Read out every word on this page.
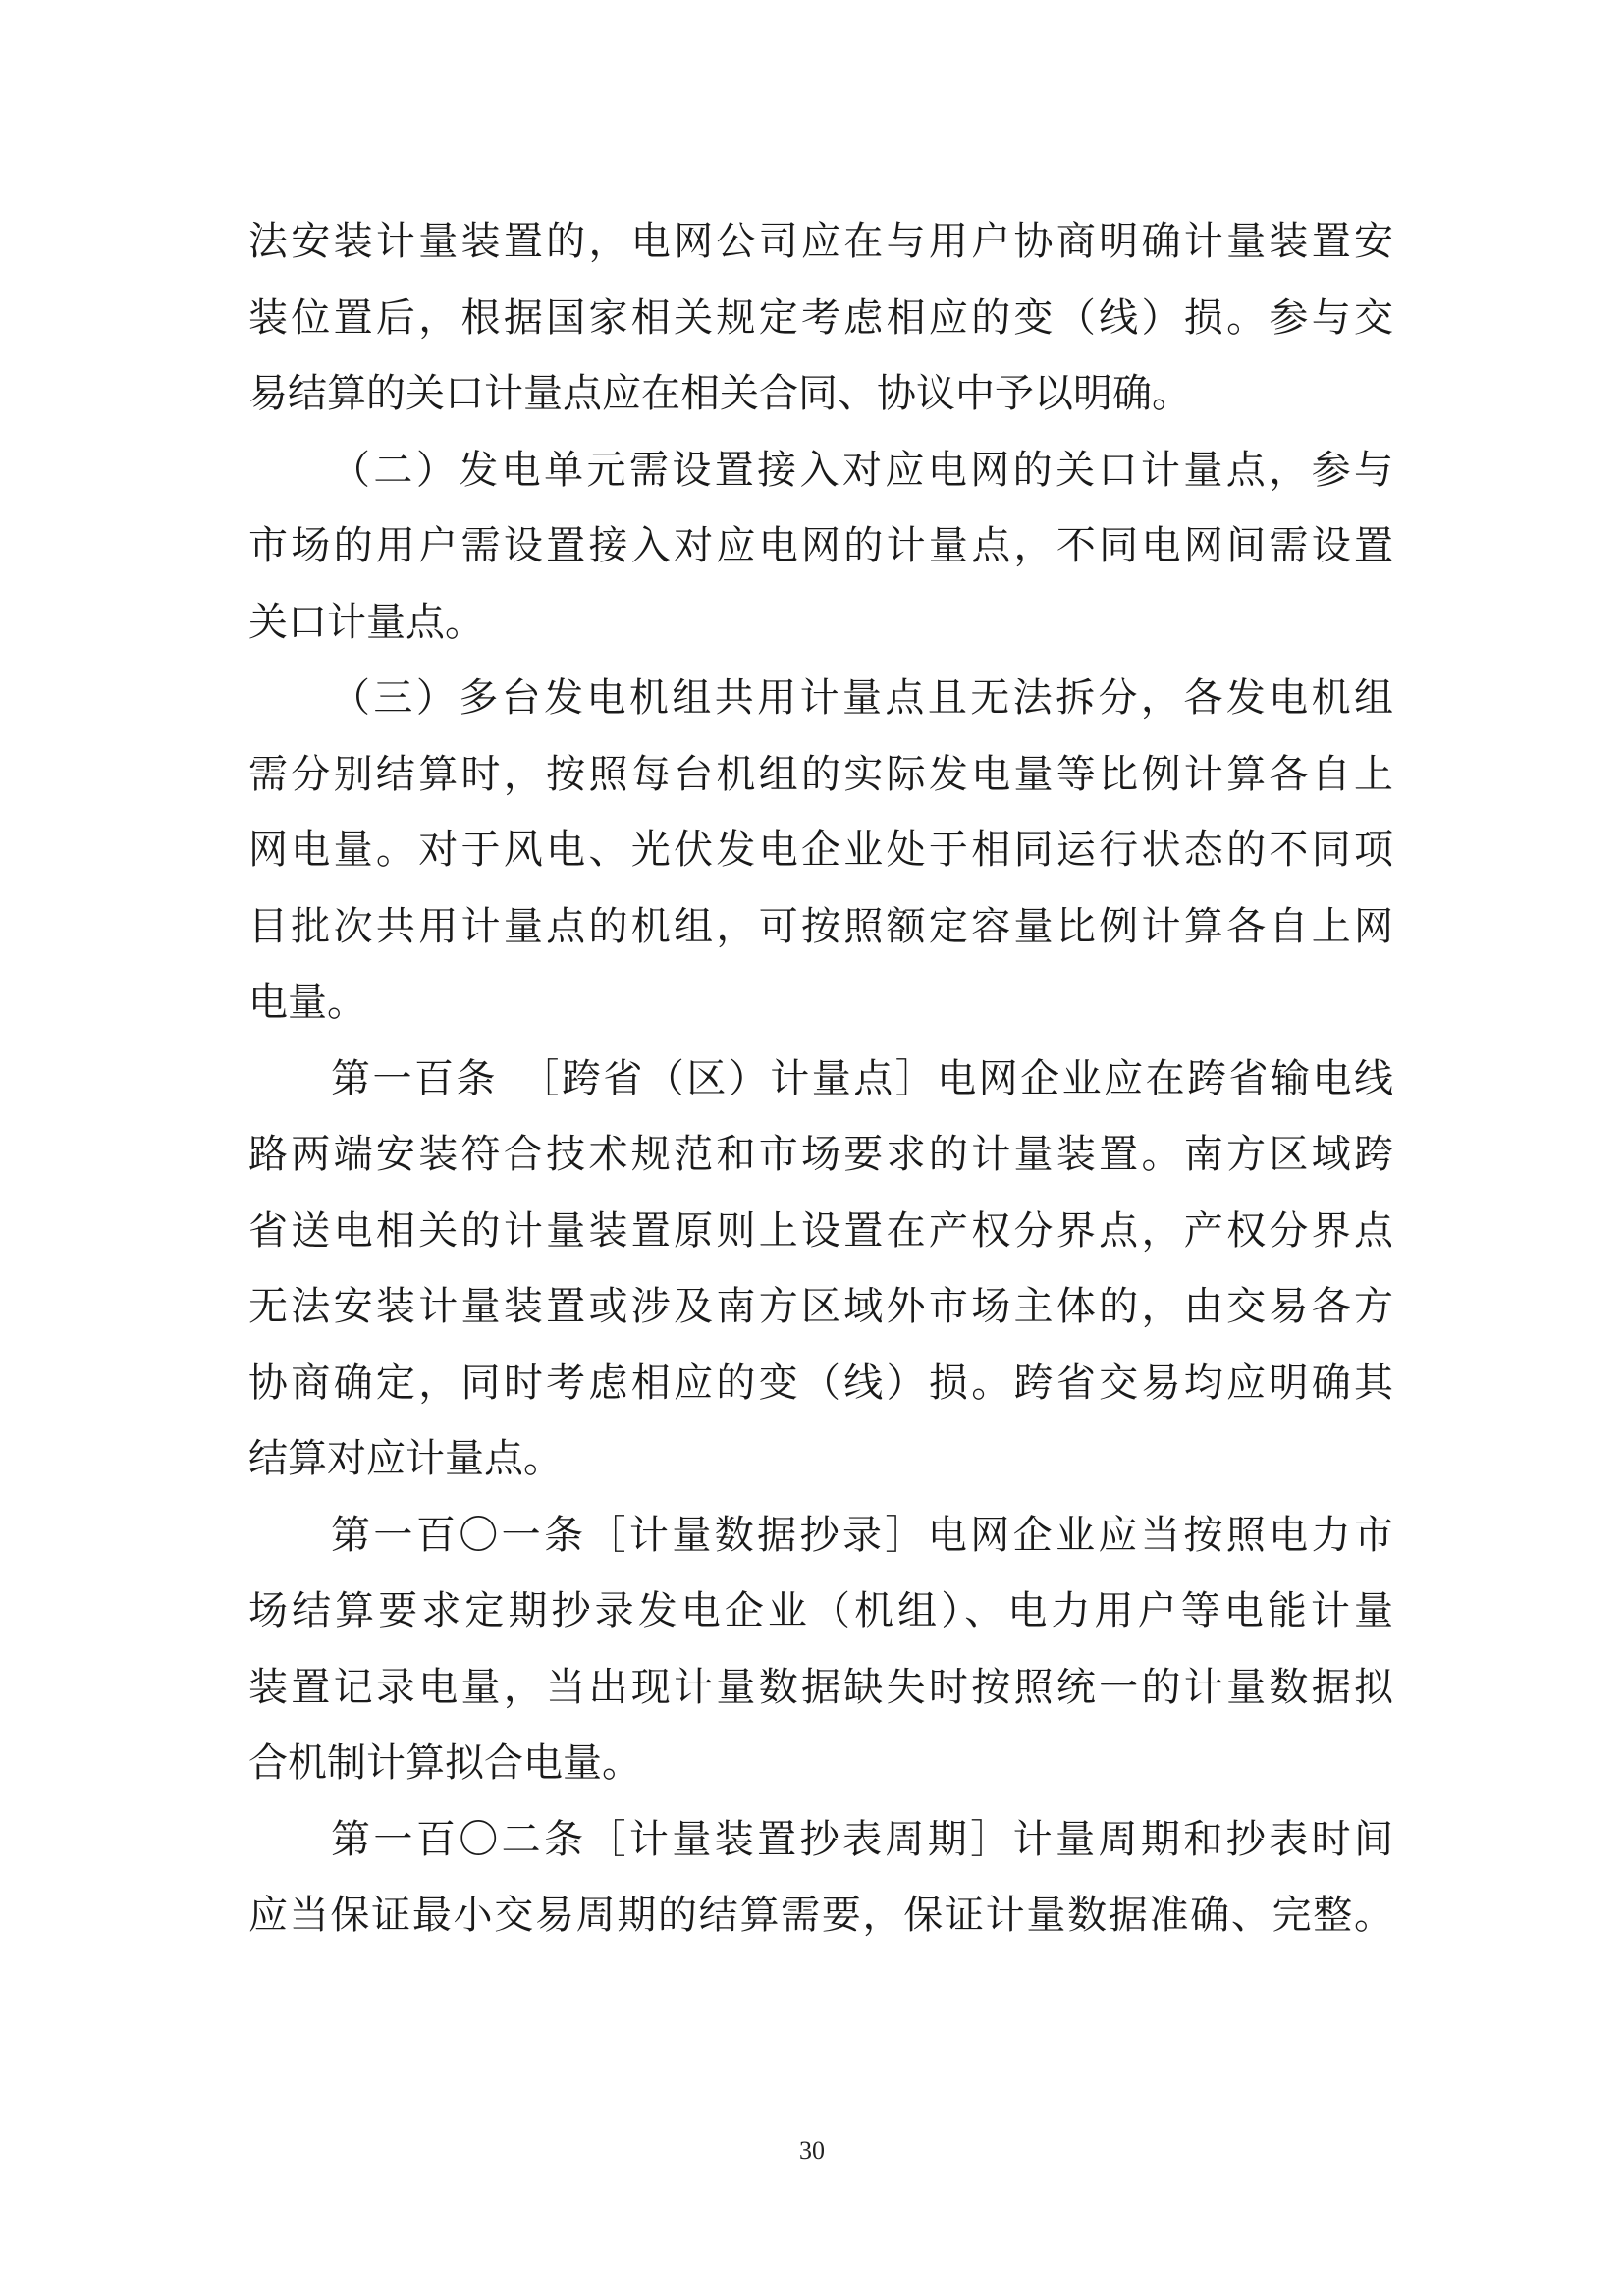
法安装计量装置的，电网公司应在与用户协商明确计量装置安
装位置后，根据国家相关规定考虑相应的变（线）损。参与交
易结算的关口计量点应在相关合同、协议中予以明确。
（二）发电单元需设置接入对应电网的关口计量点，参与
市场的用户需设置接入对应电网的计量点，不同电网间需设置
关口计量点。
（三）多台发电机组共用计量点且无法拆分，各发电机组
需分别结算时，按照每台机组的实际发电量等比例计算各自上
网电量。对于风电、光伏发电企业处于相同运行状态的不同项
目批次共用计量点的机组，可按照额定容量比例计算各自上网
电量。
第一百条　［跨省（区）计量点］电网企业应在跨省输电线
路两端安装符合技术规范和市场要求的计量装置。南方区域跨
省送电相关的计量装置原则上设置在产权分界点，产权分界点
无法安装计量装置或涉及南方区域外市场主体的，由交易各方
协商确定，同时考虑相应的变（线）损。跨省交易均应明确其
结算对应计量点。
第一百〇一条［计量数据抄录］电网企业应当按照电力市
场结算要求定期抄录发电企业（机组）、电力用户等电能计量
装置记录电量，当出现计量数据缺失时按照统一的计量数据拟
合机制计算拟合电量。
第一百〇二条［计量装置抄表周期］计量周期和抄表时间
应当保证最小交易周期的结算需要，保证计量数据准确、完整。
30
